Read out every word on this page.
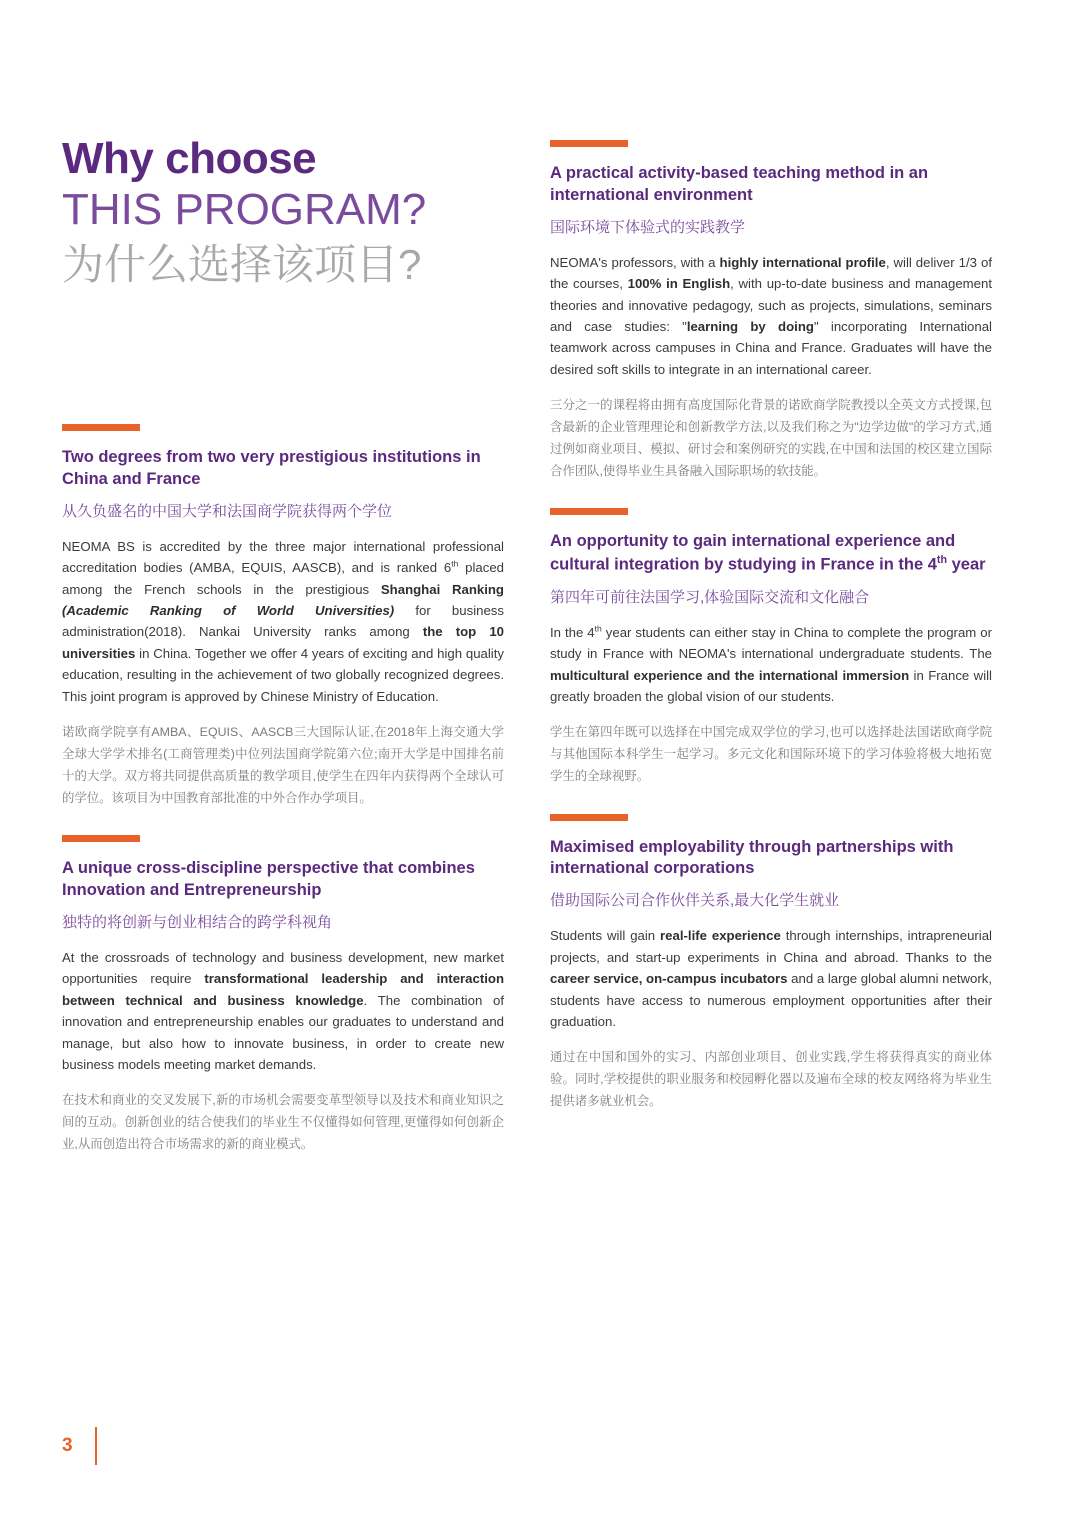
Why choose
THIS PROGRAM?
为什么选择该项目?
Two degrees from two very prestigious institutions in China and France
从久负盛名的中国大学和法国商学院获得两个学位

NEOMA BS is accredited by the three major international professional accreditation bodies (AMBA, EQUIS, AASCB), and is ranked 6th placed among the French schools in the prestigious Shanghai Ranking (Academic Ranking of World Universities) for business administration(2018). Nankai University ranks among the top 10 universities in China. Together we offer 4 years of exciting and high quality education, resulting in the achievement of two globally recognized degrees. This joint program is approved by Chinese Ministry of Education.

诺欧商学院享有AMBA、EQUIS、AASCB三大国际认证,在2018年上海交通大学全球大学学术排名(工商管理类)中位列法国商学院第六位;南开大学是中国排名前十的大学。双方将共同提供高质量的教学项目,使学生在四年内获得两个全球认可的学位。该项目为中国教育部批准的中外合作办学项目。

A unique cross-discipline perspective that combines Innovation and Entrepreneurship
独特的将创新与创业相结合的跨学科视角

At the crossroads of technology and business development, new market opportunities require transformational leadership and interaction between technical and business knowledge. The combination of innovation and entrepreneurship enables our graduates to understand and manage, but also how to innovate business, in order to create new business models meeting market demands.

在技术和商业的交叉发展下,新的市场机会需要变革型领导以及技术和商业知识之间的互动。创新创业的结合使我们的毕业生不仅懂得如何管理,更懂得如何创新企业,从而创造出符合市场需求的新的商业模式。

A practical activity-based teaching method in an international environment
国际环境下体验式的实践教学

NEOMA's professors, with a highly international profile, will deliver 1/3 of the courses, 100% in English, with up-to-date business and management theories and innovative pedagogy, such as projects, simulations, seminars and case studies: "learning by doing" incorporating International teamwork across campuses in China and France. Graduates will have the desired soft skills to integrate in an international career.

三分之一的课程将由拥有高度国际化背景的诺欧商学院教授以全英文方式授课,包含最新的企业管理理论和创新教学方法,以及我们称之为"边学边做"的学习方式,通过例如商业项目、模拟、研讨会和案例研究的实践,在中国和法国的校区建立国际合作团队,使得毕业生具备融入国际职场的软技能。

An opportunity to gain international experience and cultural integration by studying in France in the 4th year
第四年可前往法国学习,体验国际交流和文化融合

In the 4th year students can either stay in China to complete the program or study in France with NEOMA's international undergraduate students. The multicultural experience and the international immersion in France will greatly broaden the global vision of our students.

学生在第四年既可以选择在中国完成双学位的学习,也可以选择赴法国诺欧商学院与其他国际本科学生一起学习。多元文化和国际环境下的学习体验将极大地拓宽学生的全球视野。

Maximised employability through partnerships with international corporations
借助国际公司合作伙伴关系,最大化学生就业

Students will gain real-life experience through internships, intrapreneurial projects, and start-up experiments in China and abroad. Thanks to the career service, on-campus incubators and a large global alumni network, students have access to numerous employment opportunities after their graduation.

通过在中国和国外的实习、内部创业项目、创业实践,学生将获得真实的商业体验。同时,学校提供的职业服务和校园孵化器以及遍布全球的校友网络将为毕业生提供诸多就业机会。

3
